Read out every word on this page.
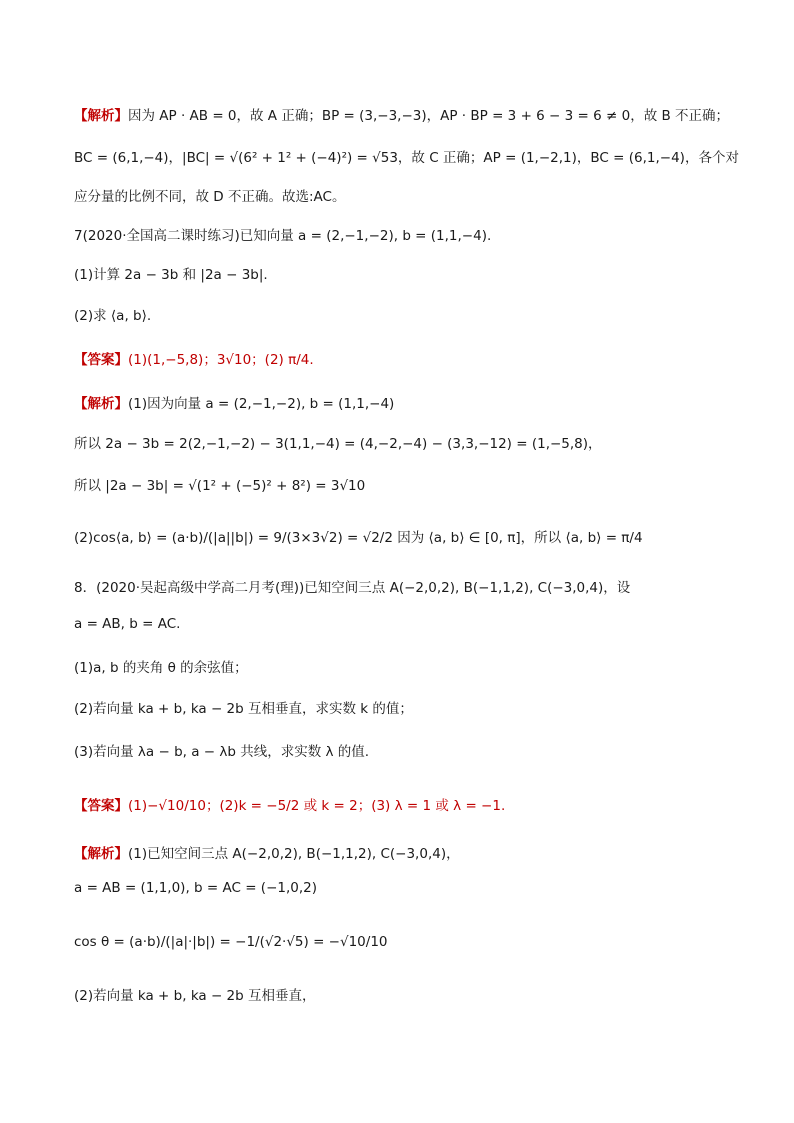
【解析】因为 AP · AB = 0，故 A 正确；BP = (3,−3,−3)，AP · BP = 3 + 6 − 3 = 6 ≠ 0，故 B 不正确；
BC = (6,1,−4)，|BC| = √(6² + 1² + (−4)²) = √53，故 C 正确；AP = (1,−2,1)，BC = (6,1,−4)，各个对
应分量的比例不同，故 D 不正确。故选:AC。
7(2020·全国高二课时练习)已知向量 a = (2,−1,−2), b = (1,1,−4).
(1)计算 2a − 3b 和 |2a − 3b|.
(2)求 ⟨a, b⟩.
【答案】(1)(1,−5,8)；3√10；(2) π/4.
【解析】(1)因为向量 a = (2,−1,−2), b = (1,1,−4)
所以 2a − 3b = 2(2,−1,−2) − 3(1,1,−4) = (4,−2,−4) − (3,3,−12) = (1,−5,8)，
所以 |2a − 3b| = √(1² + (−5)² + 8²) = 3√10
(2)cos⟨a, b⟩ = (a·b)/(|a||b|) = 9/(3×3√2) = √2/2 因为 ⟨a, b⟩ ∈ [0, π]，所以 ⟨a, b⟩ = π/4
8．(2020·吴起高级中学高二月考(理))已知空间三点 A(−2,0,2), B(−1,1,2), C(−3,0,4)，设
a = AB, b = AC.
(1)a, b 的夹角 θ 的余弦值；
(2)若向量 ka + b, ka − 2b 互相垂直，求实数 k 的值；
(3)若向量 λa − b, a − λb 共线，求实数 λ 的值.
【答案】(1)−√10/10；(2)k = −5/2 或 k = 2；(3) λ = 1 或 λ = −1.
【解析】(1)已知空间三点 A(−2,0,2), B(−1,1,2), C(−3,0,4)，
a = AB = (1,1,0), b = AC = (−1,0,2)
cos θ = (a·b)/(|a|·|b|) = −1/(√2·√5) = −√10/10
(2)若向量 ka + b, ka − 2b 互相垂直，
